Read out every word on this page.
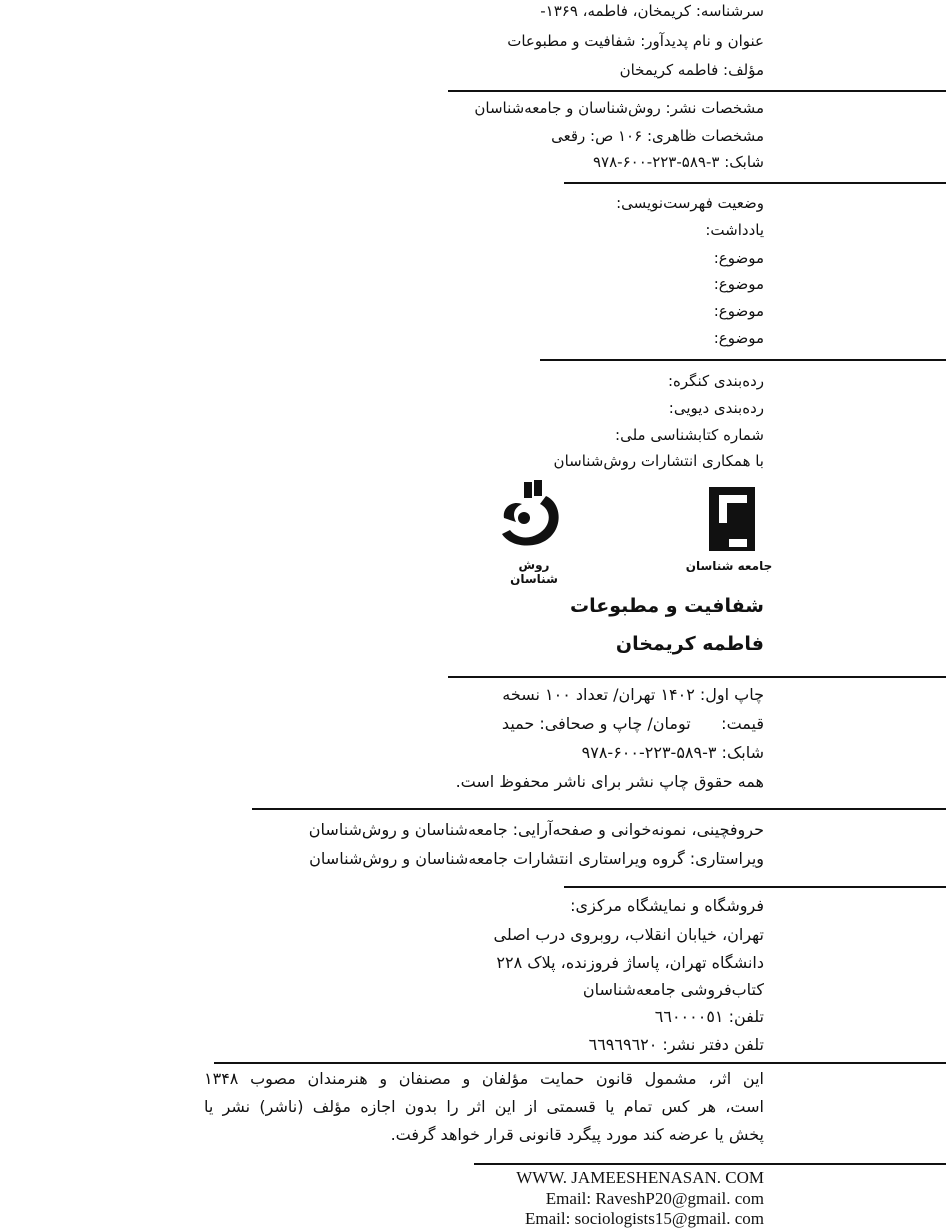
سرشناسه: کریمخان، فاطمه، ۱۳۶۹-
عنوان و نام پدیدآور: شفافیت و مطبوعات
مؤلف: فاطمه کریمخان
مشخصات نشر: روش‌شناسان و جامعه‌شناسان
مشخصات ظاهری: ۱۰۶ ص: رقعی
شابک: ۳-۵۸۹-۲۲۳-۶۰۰-۹۷۸
وضعیت فهرست‌نویسی:
یادداشت:
موضوع:
موضوع:
موضوع:
موضوع:
رده‌بندی کنگره:
رده‌بندی دیویی:
شماره کتابشناسی ملی:
با همکاری انتشارات روش‌شناسان
جامعه شناسان
روش شناسان
شفافیت و مطبوعات
فاطمه کریمخان
چاپ اول: ۱۴۰۲ تهران/ تعداد ۱۰۰ نسخه
قیمت:      تومان/ چاپ و صحافی: حمید
شابک: ۳-۵۸۹-۲۲۳-۶۰۰-۹۷۸
همه حقوق چاپ نشر برای ناشر محفوظ است.
حروفچینی، نمونه‌خوانی و صفحه‌آرایی: جامعه‌شناسان و روش‌شناسان
ویراستاری: گروه ویراستاری انتشارات جامعه‌شناسان و روش‌شناسان
فروشگاه و نمایشگاه مرکزی:
تهران، خیابان انقلاب، روبروی درب اصلی
دانشگاه تهران، پاساژ فروزنده، پلاک ۲۲۸
کتاب‌فروشی جامعه‌شناسان
تلفن: ٦٦٠٠٠٠٥١
تلفن دفتر نشر: ٦٦٩٦٩٦٢٠
این اثر، مشمول قانون حمایت مؤلفان و مصنفان و هنرمندان مصوب ۱۳۴۸
است، هر کس تمام یا قسمتی از این اثر را بدون اجازه مؤلف (ناشر) نشر یا
پخش یا عرضه کند مورد پیگرد قانونی قرار خواهد گرفت.
WWW. JAMEESHENASAN. COM
Email: RaveshP20@gmail. com
Email: sociologists15@gmail. com
